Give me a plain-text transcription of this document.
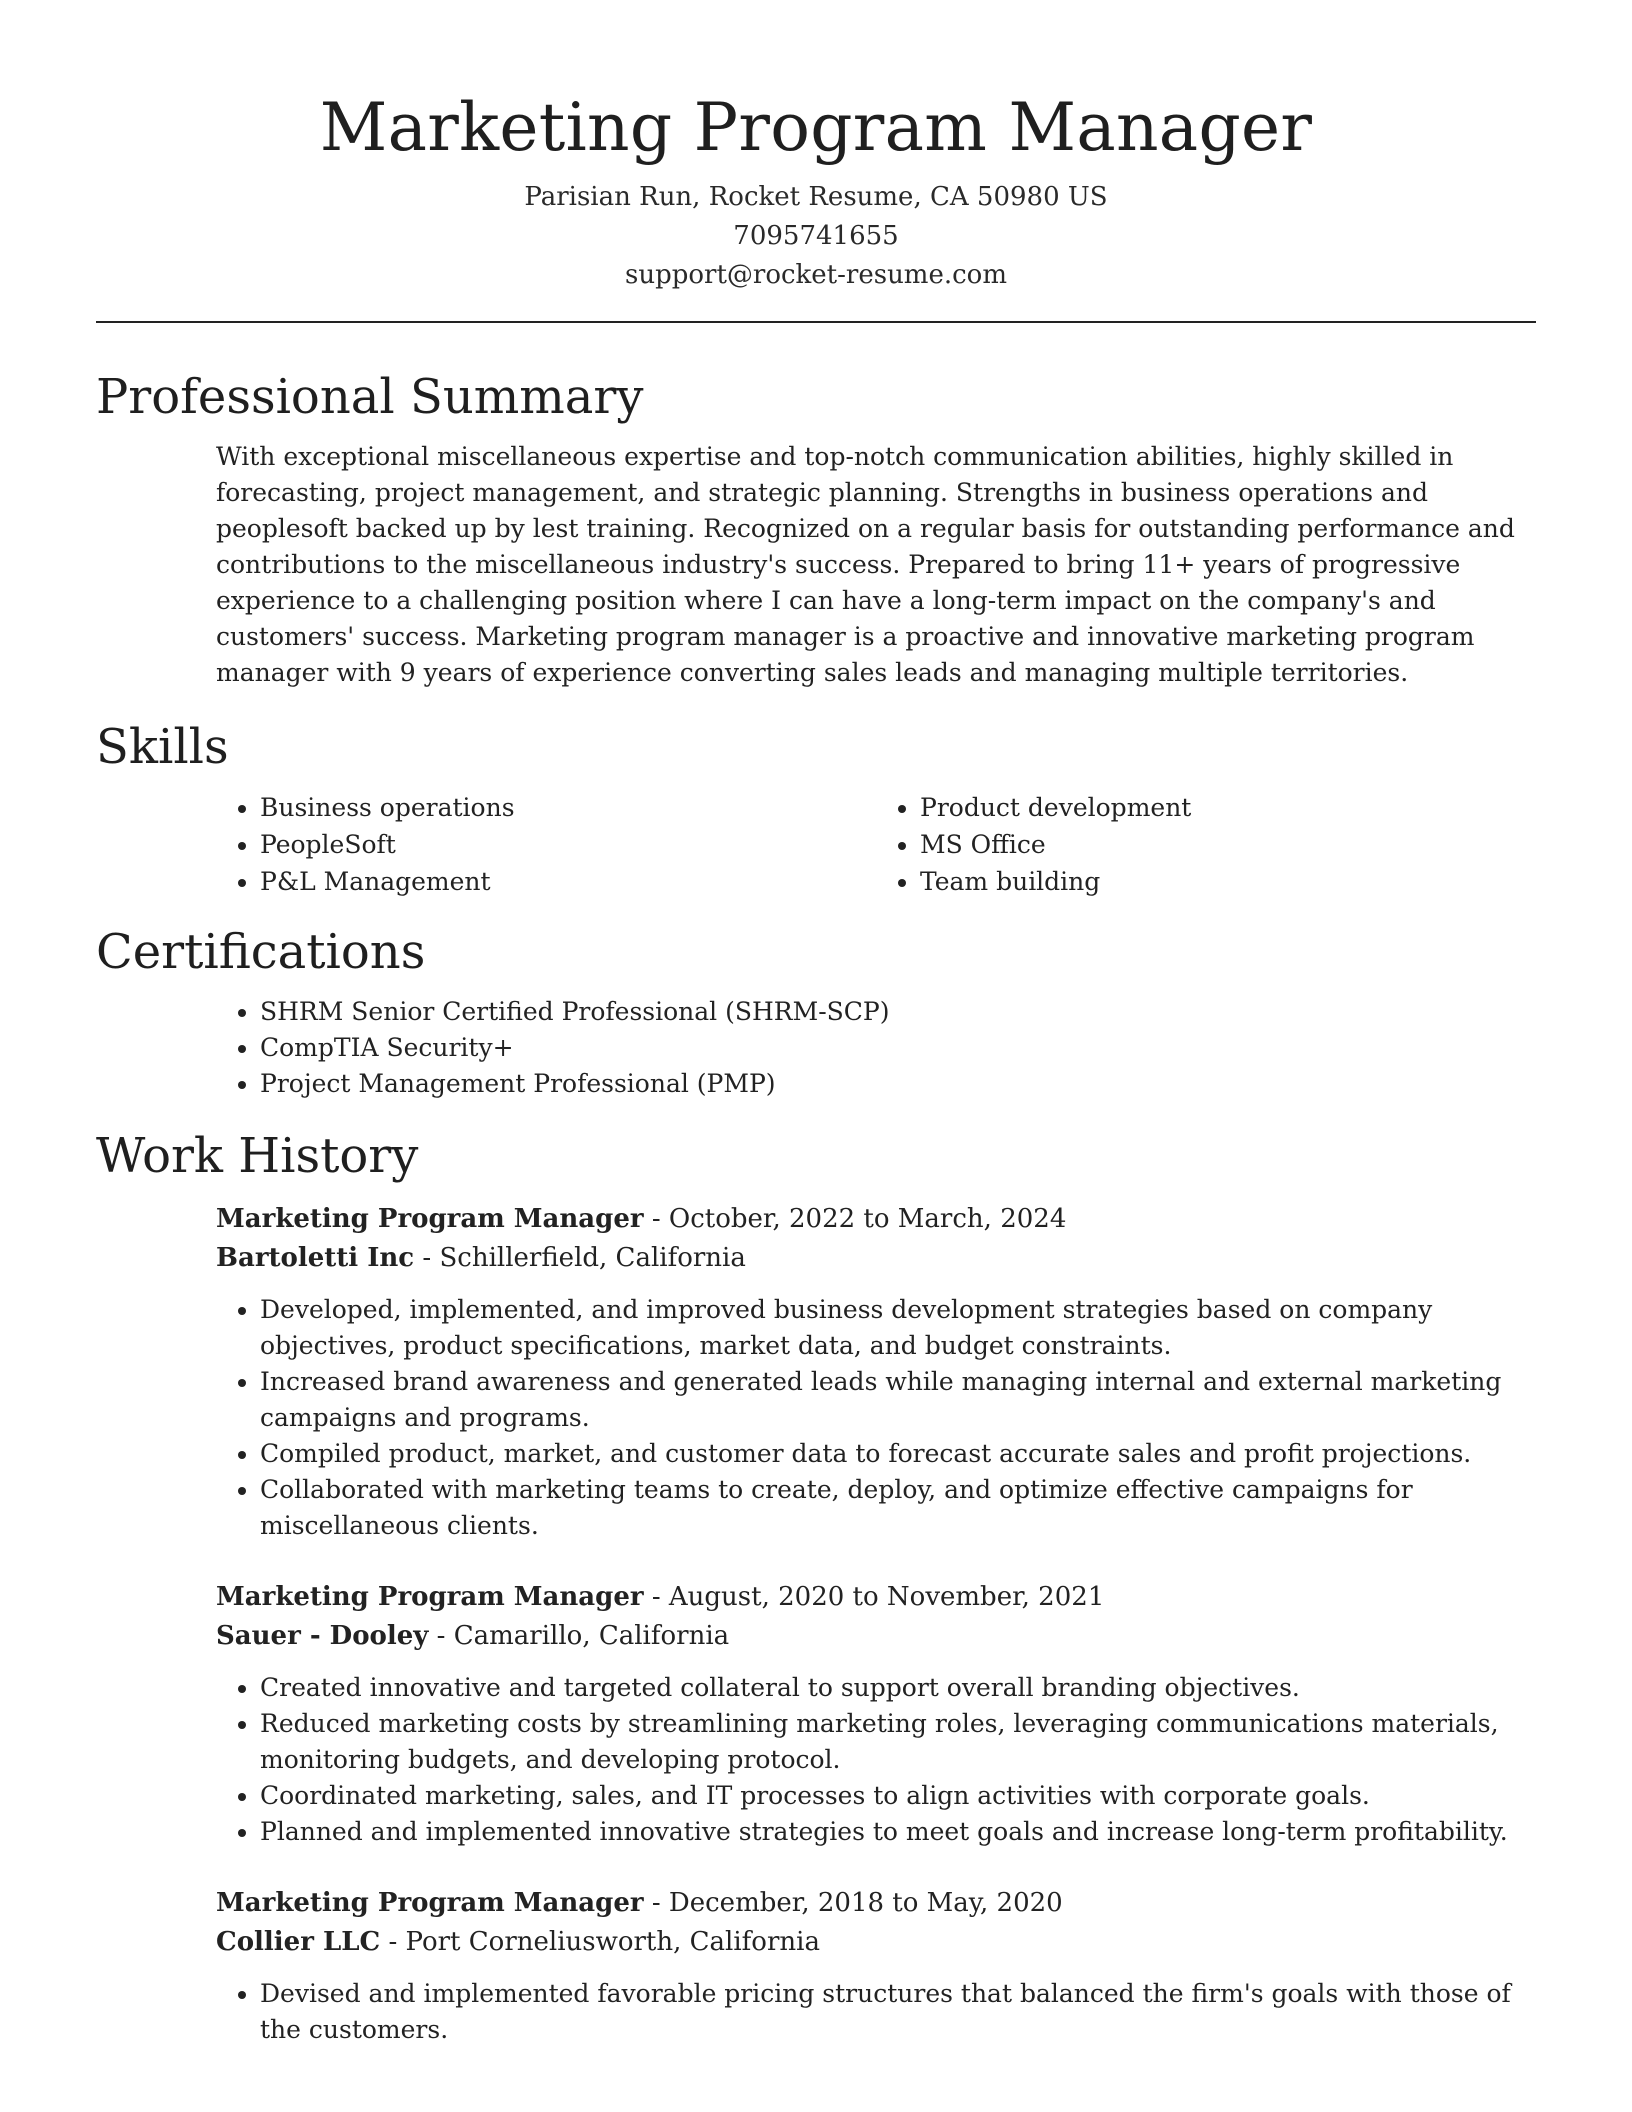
Marketing Program Manager
Parisian Run, Rocket Resume, CA 50980 US
7095741655
support@rocket-resume.com
Professional Summary

With exceptional miscellaneous expertise and top-notch communication abilities, highly skilled in forecasting, project management, and strategic planning. Strengths in business operations and peoplesoft backed up by lest training. Recognized on a regular basis for outstanding performance and contributions to the miscellaneous industry's success. Prepared to bring 11+ years of progressive experience to a challenging position where I can have a long-term impact on the company's and customers' success. Marketing program manager is a proactive and innovative marketing program manager with 9 years of experience converting sales leads and managing multiple territories.

Skills
• Business operations
• PeopleSoft
• P&L Management
• Product development
• MS Office
• Team building
Certifications
• SHRM Senior Certified Professional (SHRM-SCP)
• CompTIA Security+
• Project Management Professional (PMP)
Work History
Marketing Program Manager - October, 2022 to March, 2024
Bartoletti Inc - Schillerfield, California
• Developed, implemented, and improved business development strategies based on company objectives, product specifications, market data, and budget constraints.
• Increased brand awareness and generated leads while managing internal and external marketing campaigns and programs.
• Compiled product, market, and customer data to forecast accurate sales and profit projections.
• Collaborated with marketing teams to create, deploy, and optimize effective campaigns for miscellaneous clients.
Marketing Program Manager - August, 2020 to November, 2021
Sauer - Dooley - Camarillo, California
• Created innovative and targeted collateral to support overall branding objectives.
• Reduced marketing costs by streamlining marketing roles, leveraging communications materials, monitoring budgets, and developing protocol.
• Coordinated marketing, sales, and IT processes to align activities with corporate goals.
• Planned and implemented innovative strategies to meet goals and increase long-term profitability.
Marketing Program Manager - December, 2018 to May, 2020
Collier LLC - Port Corneliusworth, California
• Devised and implemented favorable pricing structures that balanced the firm's goals with those of the customers.
